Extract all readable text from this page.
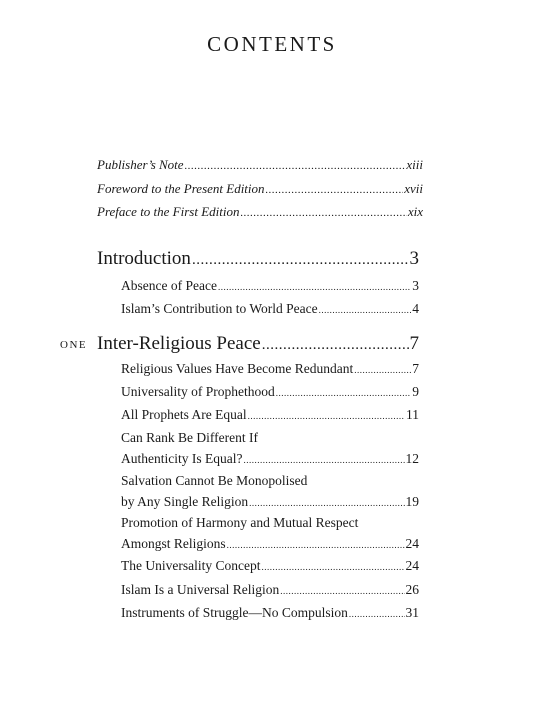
CONTENTS
Publisher’s Note .....	xiii
Foreword to the Present Edition .....	xvii
Preface to the First Edition .....	xix
Introduction .....	3
Absence of Peace .....	3
Islam’s Contribution to World Peace .....	4
ONE Inter-Religious Peace .....	7
Religious Values Have Become Redundant .....	7
Universality of Prophethood .....	9
All Prophets Are Equal .....	11
Can Rank Be Different If
Authenticity Is Equal? .....	12
Salvation Cannot Be Monopolised
by Any Single Religion .....	19
Promotion of Harmony and Mutual Respect
Amongst Religions .....	24
The Universality Concept .....	24
Islam Is a Universal Religion .....	26
Instruments of Struggle—No Compulsion .....	31
